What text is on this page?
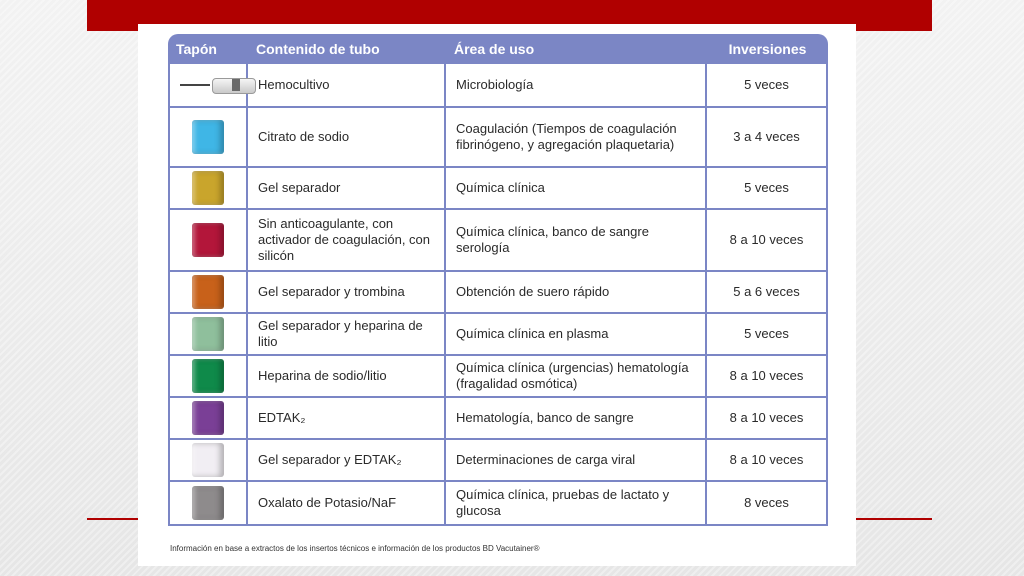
Tapón	Contenido de tubo	Área de uso	Inversiones

	Hemocultivo	Microbiología	5 veces
	Citrato de sodio	Coagulación (Tiempos de coagulación fibrinógeno, y agregación plaquetaria)	3 a 4 veces
	Gel separador	Química clínica	5 veces
	Sin anticoagulante, con activador de coagulación, con silicón	Química clínica, banco de sangre serología	8 a 10 veces
	Gel separador y trombina	Obtención de suero rápido	5 a 6 veces
	Gel separador y heparina de litio	Química clínica en plasma	5 veces
	Heparina de sodio/litio	Química clínica (urgencias) hematología (fragalidad osmótica)	8 a 10 veces
	EDTAK₂	Hematología, banco de sangre	8 a 10 veces
	Gel separador y EDTAK₂	Determinaciones de carga viral	8 a 10 veces
	Oxalato de Potasio/NaF	Química clínica, pruebas de lactato y glucosa	8 veces
Información en base a extractos de los insertos técnicos e información de los productos BD Vacutainer®
